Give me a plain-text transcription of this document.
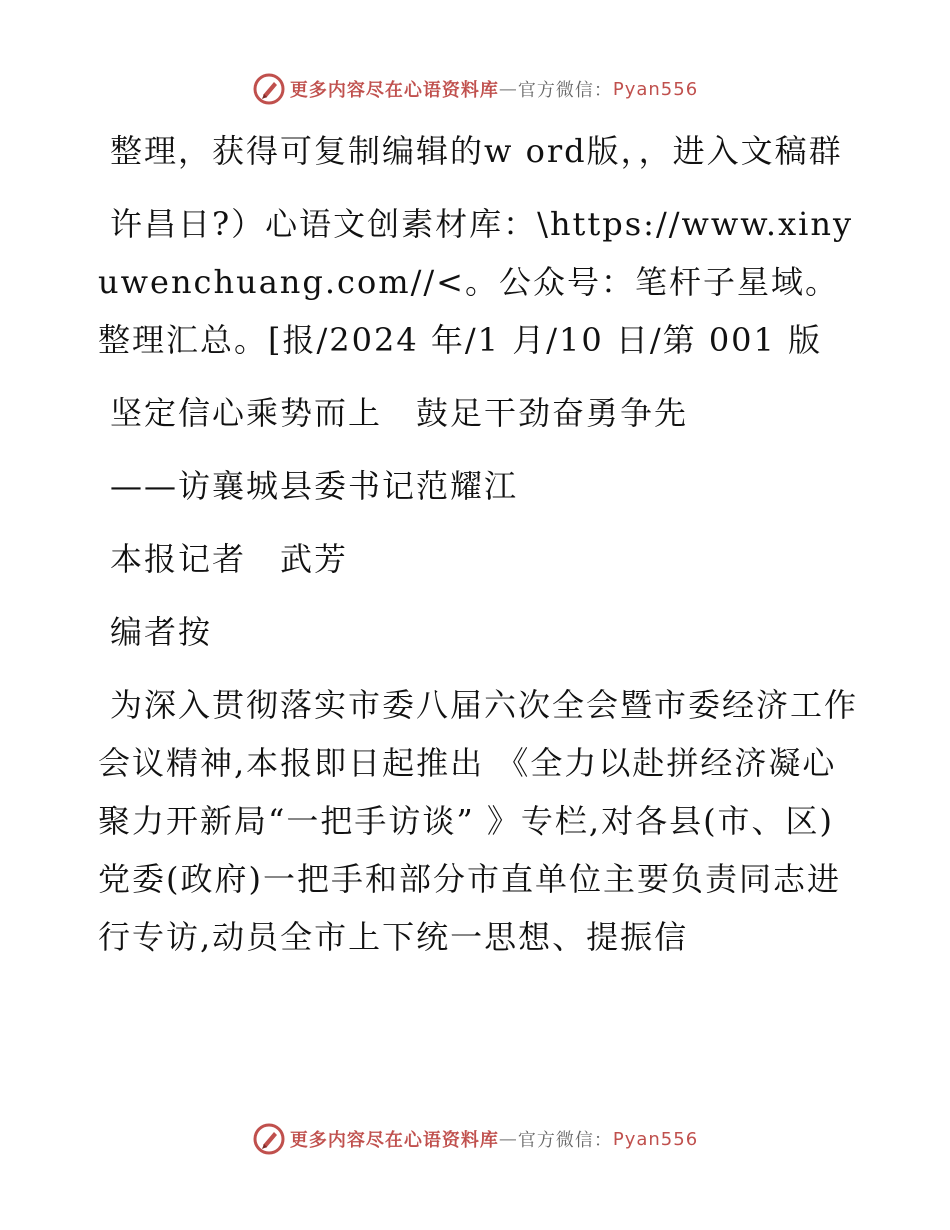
更多内容尽在心语资料库 — 官方微信： Pyan556

整理，获得可复制编辑的w ord版，，进入文稿群

许昌日?）心语文创素材库：\https://www.xinyuwenchuang.com//<。公众号：笔杆子星域。整理汇总。[报/2024 年/1 月/10 日/第 001 版

坚定信心乘势而上　鼓足干劲奋勇争先

——访襄城县委书记范耀江

本报记者　武芳

编者按

为深入贯彻落实市委八届六次全会暨市委经济工作会议精神,本报即日起推出 《全力以赴拼经济凝心聚力开新局“一把手访谈” 》专栏,对各县(市、区)党委(政府)一把手和部分市直单位主要负责同志进行专访,动员全市上下统一思想、提振信

更多内容尽在心语资料库 — 官方微信： Pyan556
